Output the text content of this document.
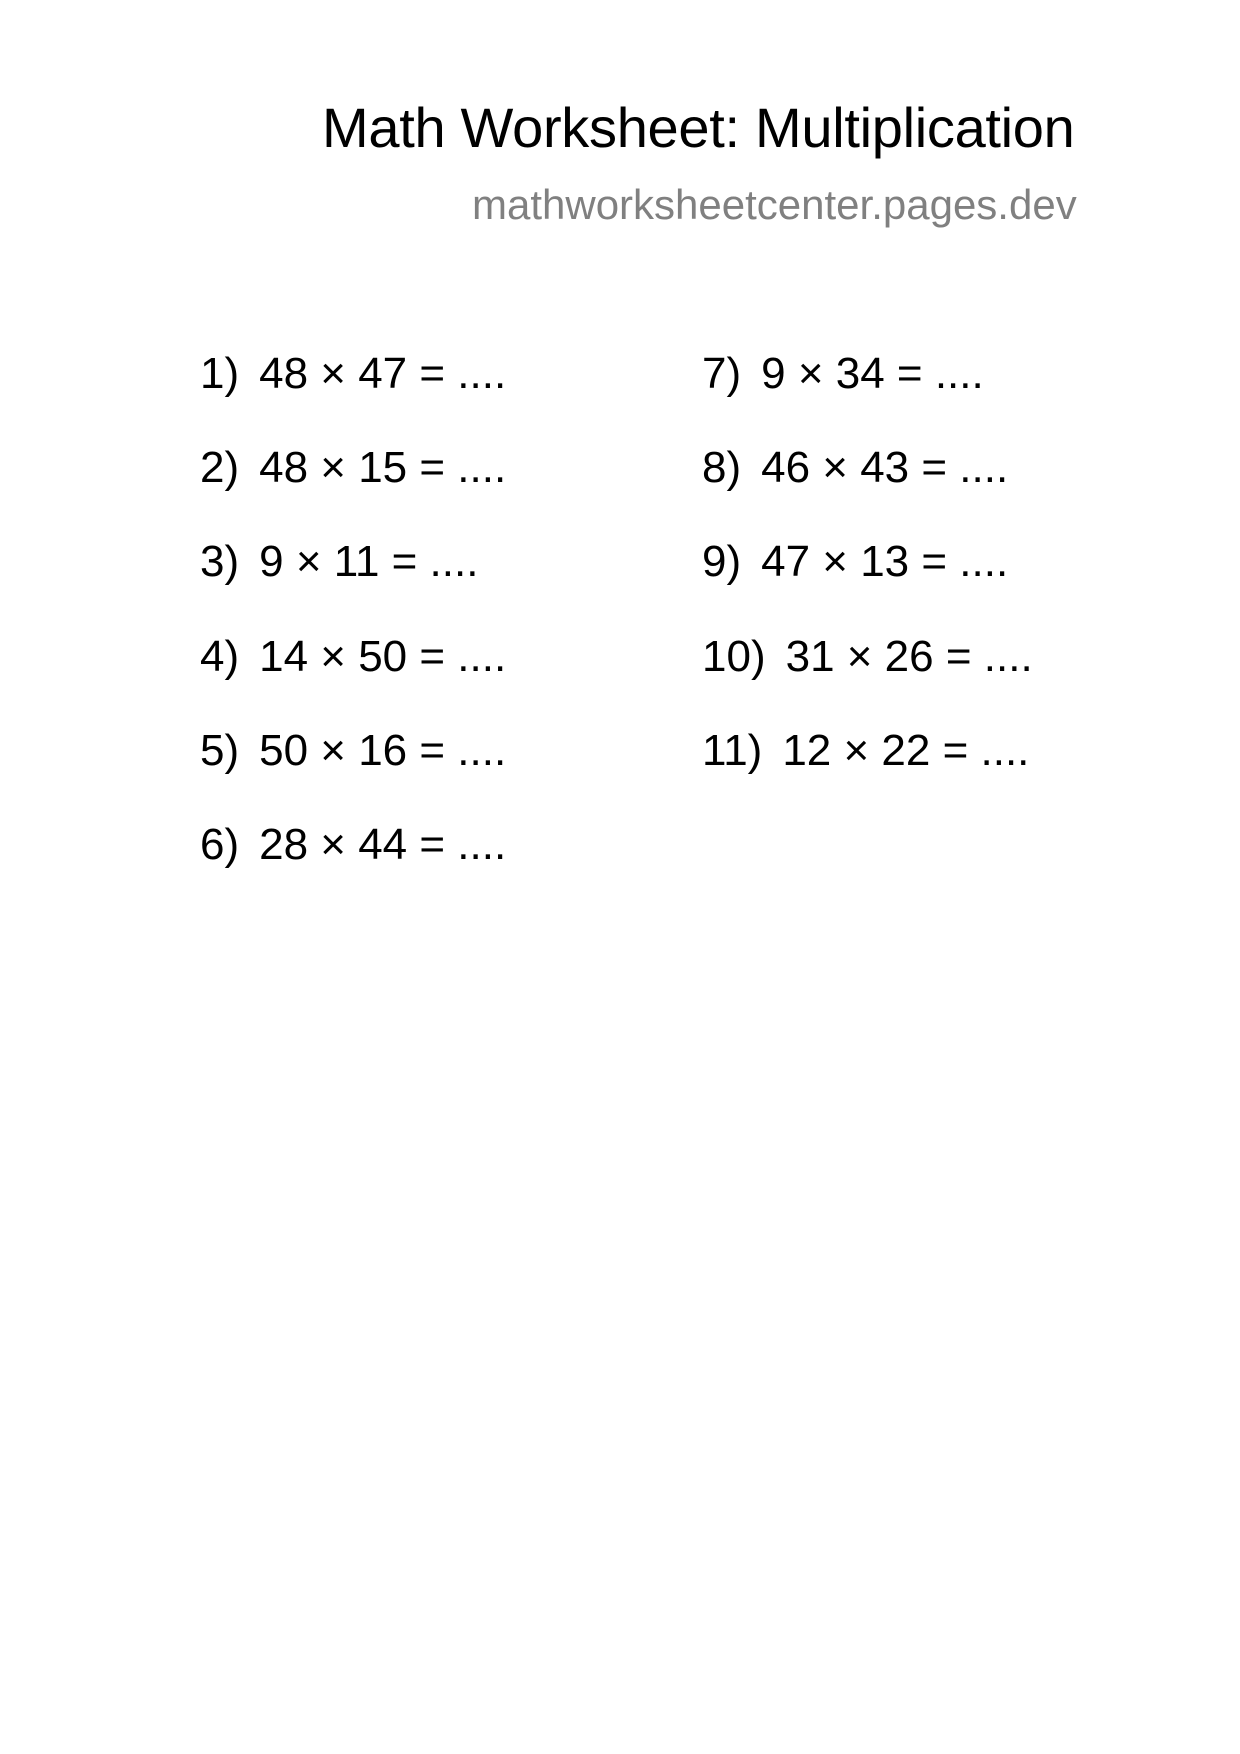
Math Worksheet: Multiplication
mathworksheetcenter.pages.dev
1) 48 × 47 = ....
2) 48 × 15 = ....
3) 9 × 11 = ....
4) 14 × 50 = ....
5) 50 × 16 = ....
6) 28 × 44 = ....
7) 9 × 34 = ....
8) 46 × 43 = ....
9) 47 × 13 = ....
10) 31 × 26 = ....
11) 12 × 22 = ....
